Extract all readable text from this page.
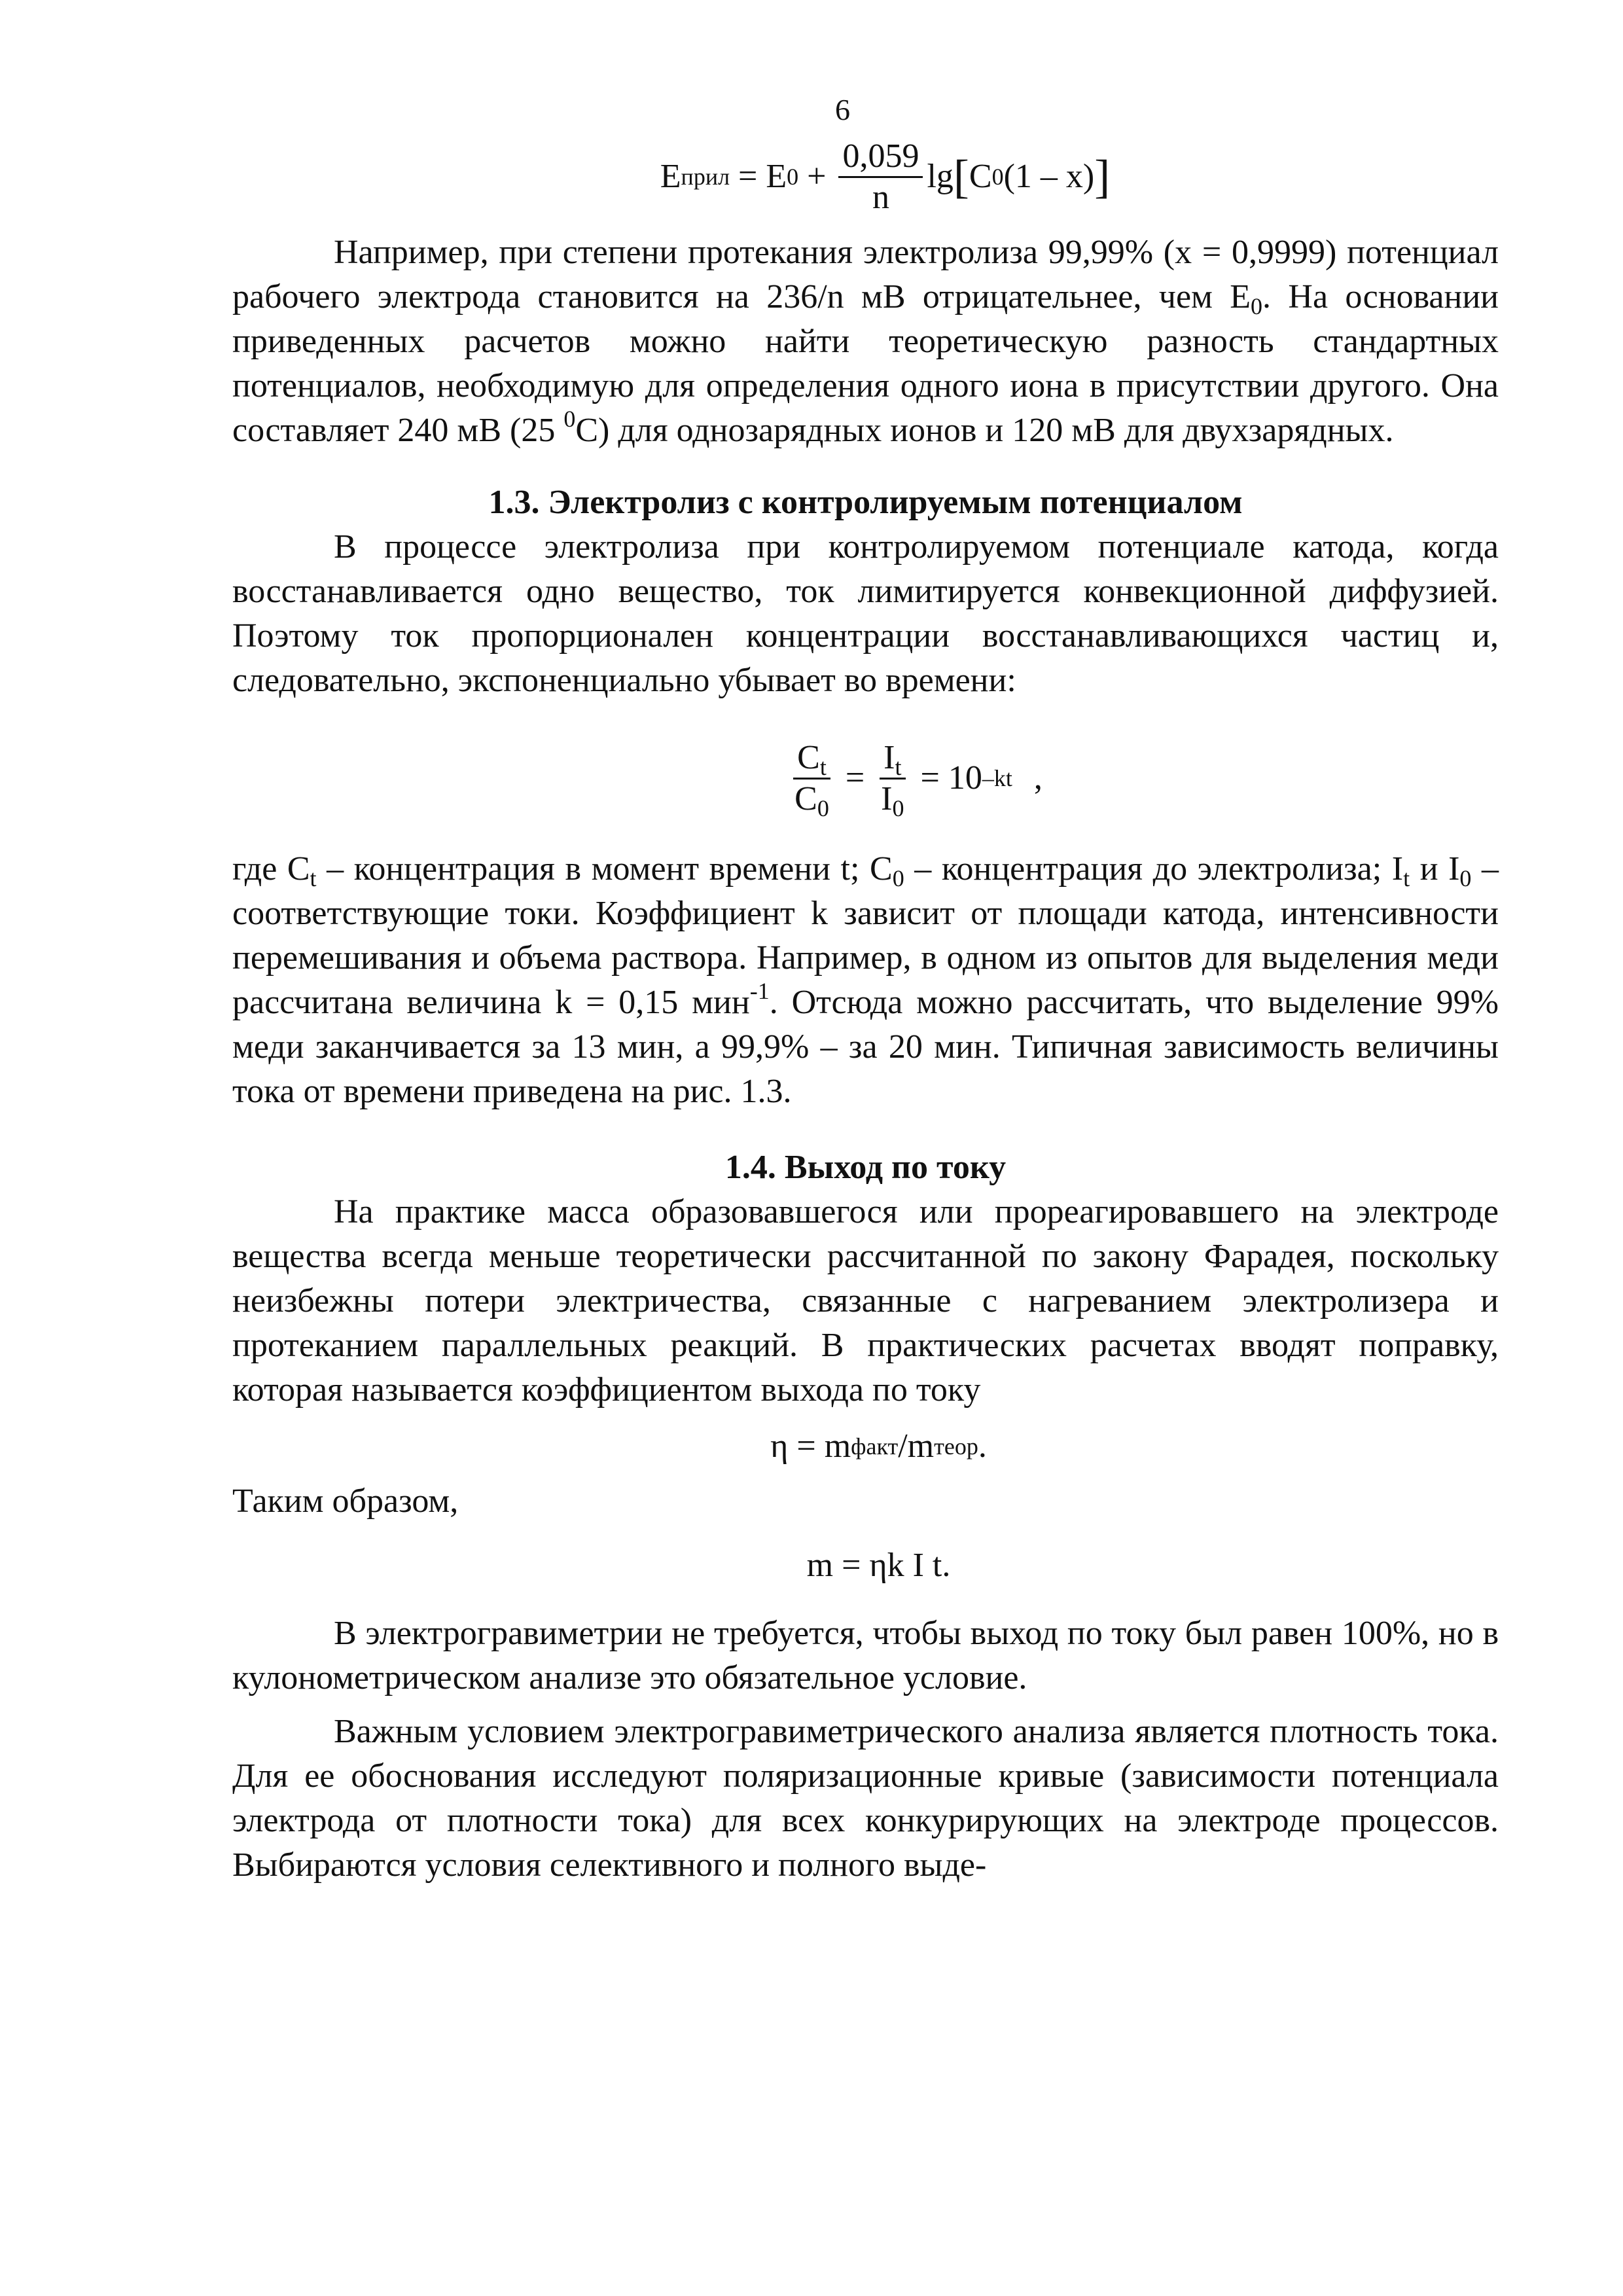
6
E прил = E $0 + \frac{0,059}{n}$ lg [ C 0 (1 – x) ]

Например, при степени протекания электролиза 99,99% (x = 0,9999) потенциал рабочего электрода становится на 236/n мВ отрицательнее, чем $E_0$. На основании приведенных расчетов можно найти теоретическую разность стандартных потенциалов, необходимую для определения одного иона в присутствии другого. Она составляет 240 мВ (25 $^0$С) для однозарядных ионов и 120 мВ для двухзарядных.

1.3. Электролиз с контролируемым потенциалом

В процессе электролиза при контролируемом потенциале катода, когда восстанавливается одно вещество, ток лимитируется конвекционной диффузией. Поэтому ток пропорционален концентрации восстанавливающихся частиц и, следовательно, экспоненциально убывает во времени:

$\frac{C_t}{C_0} = \frac{I_t}{I_0} = 10$ –kt ,

где $C_t$ – концентрация в момент времени t; $C_0$ – концентрация до электролиза; $I_t$ и $I_0$ – соответствующие токи. Коэффициент k зависит от площади катода, интенсивности перемешивания и объема раствора. Например, в одном из опытов для выделения меди рассчитана величина k = 0,15 мин$^{-1}$. Отсюда можно рассчитать, что выделение 99% меди заканчивается за 13 мин, а 99,9% – за 20 мин. Типичная зависимость величины тока от времени приведена на рис. 1.3.

1.4. Выход по току

На практике масса образовавшегося или прореагировавшего на электроде вещества всегда меньше теоретически рассчитанной по закону Фарадея, поскольку неизбежны потери электричества, связанные с нагреванием электролизера и протеканием параллельных реакций. В практических расчетах вводят поправку, которая называется коэффициентом выхода по току

η = m факт /m теор .

Таким образом,

m = ηk I t.

В электрогравиметрии не требуется, чтобы выход по току был равен 100%, но в кулонометрическом анализе это обязательное условие.

Важным условием электрогравиметрического анализа является плотность тока. Для ее обоснования исследуют поляризационные кривые (зависимости потенциала электрода от плотности тока) для всех конкурирующих на электроде процессов. Выбираются условия селективного и полного выде-
